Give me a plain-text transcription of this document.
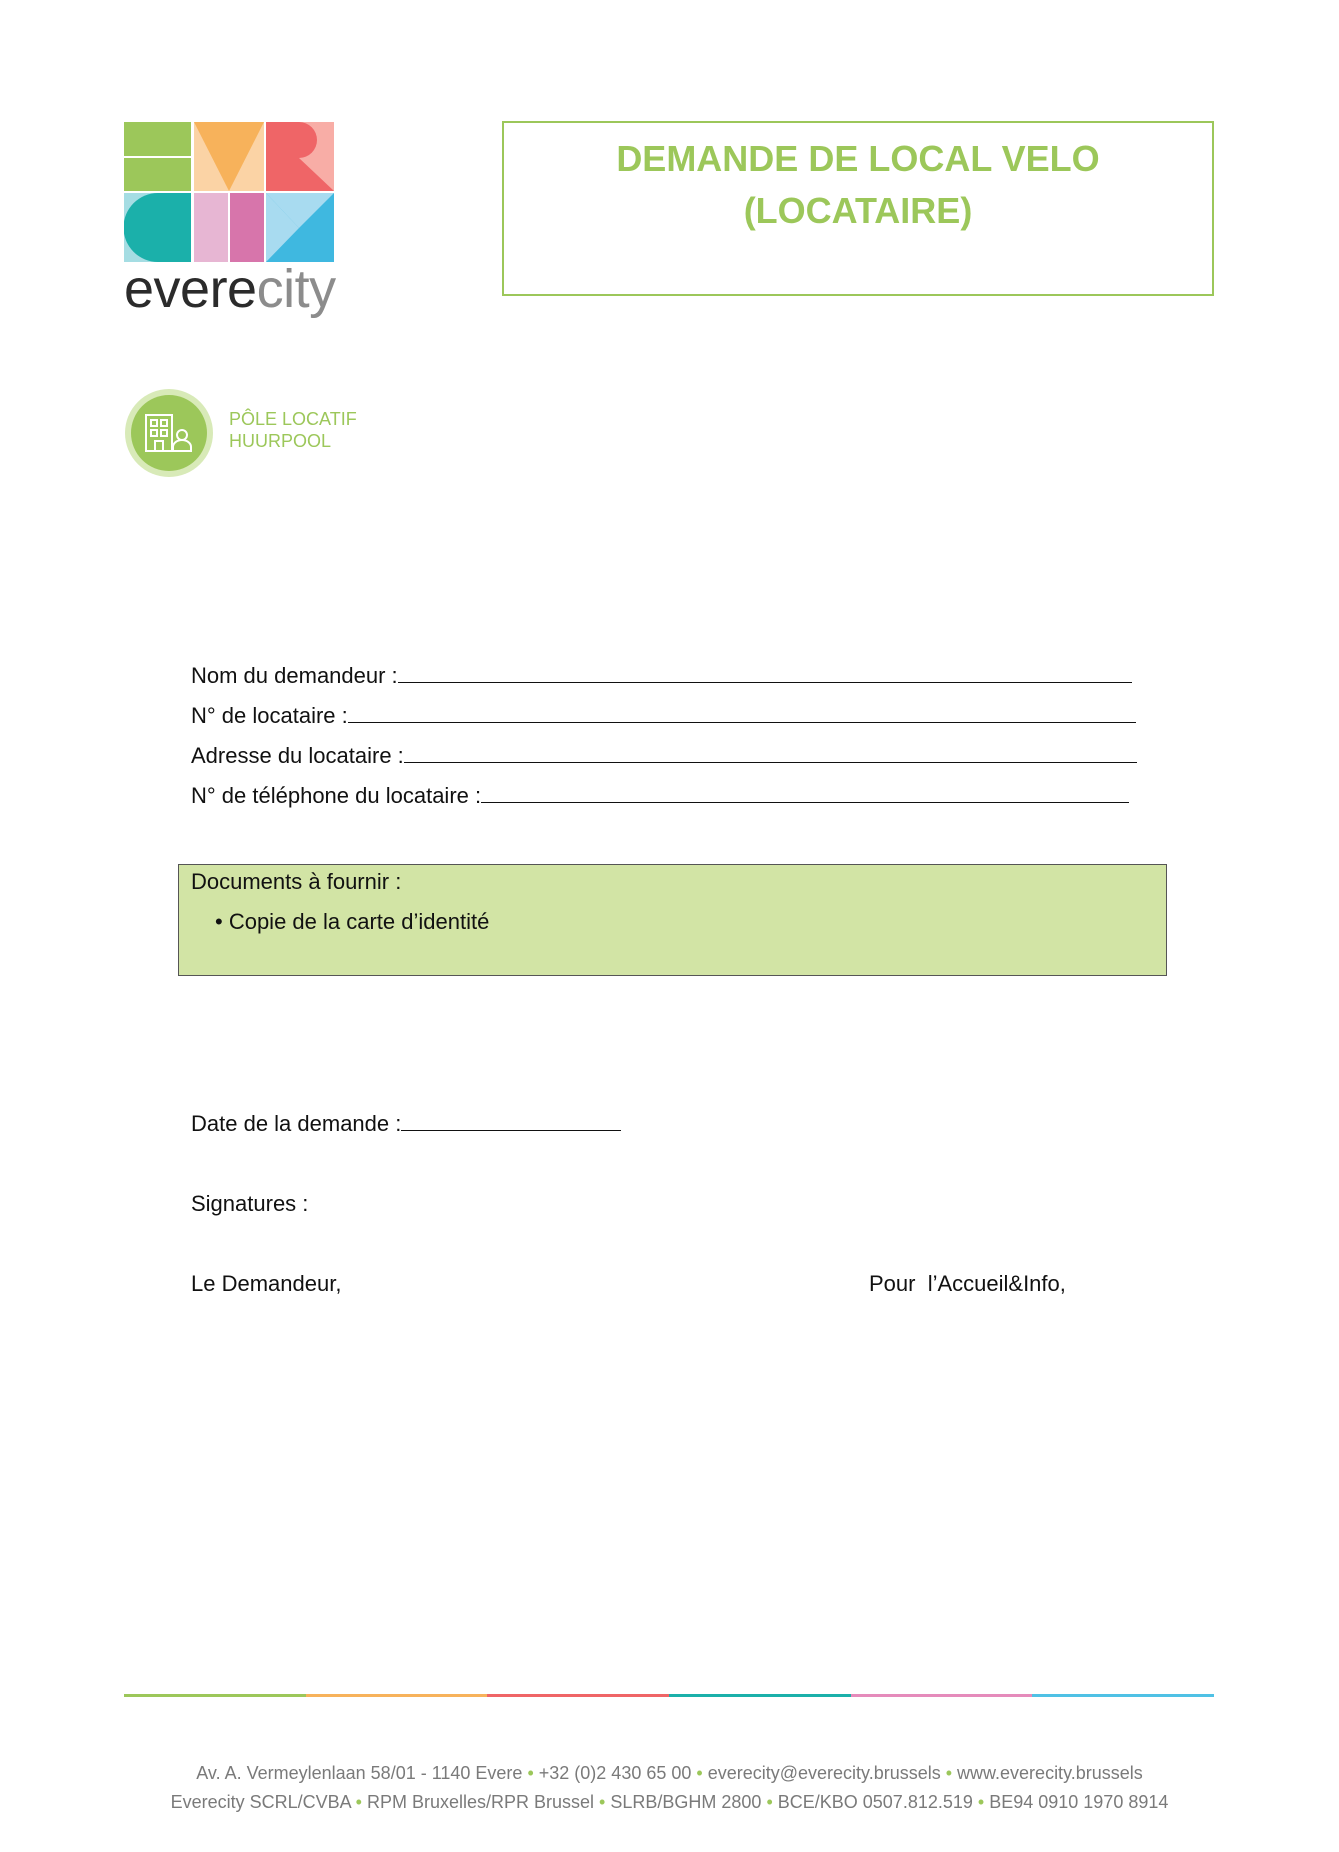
everecity
DEMANDE DE LOCAL VELO
(LOCATAIRE)
PÔLE LOCATIF
HUURPOOL
Nom du demandeur :
N° de locataire :
Adresse du locataire :
N° de téléphone du locataire :
Documents à fournir :
• Copie de la carte d’identité
Date de la demande :
Signatures :
Le Demandeur,	Pour  l’Accueil&Info,
Av. A. Vermeylenlaan 58/01 - 1140 Evere • +32 (0)2 430 65 00 • everecity@everecity.brussels • www.everecity.brussels
Everecity SCRL/CVBA • RPM Bruxelles/RPR Brussel • SLRB/BGHM 2800 • BCE/KBO 0507.812.519 • BE94 0910 1970 8914
